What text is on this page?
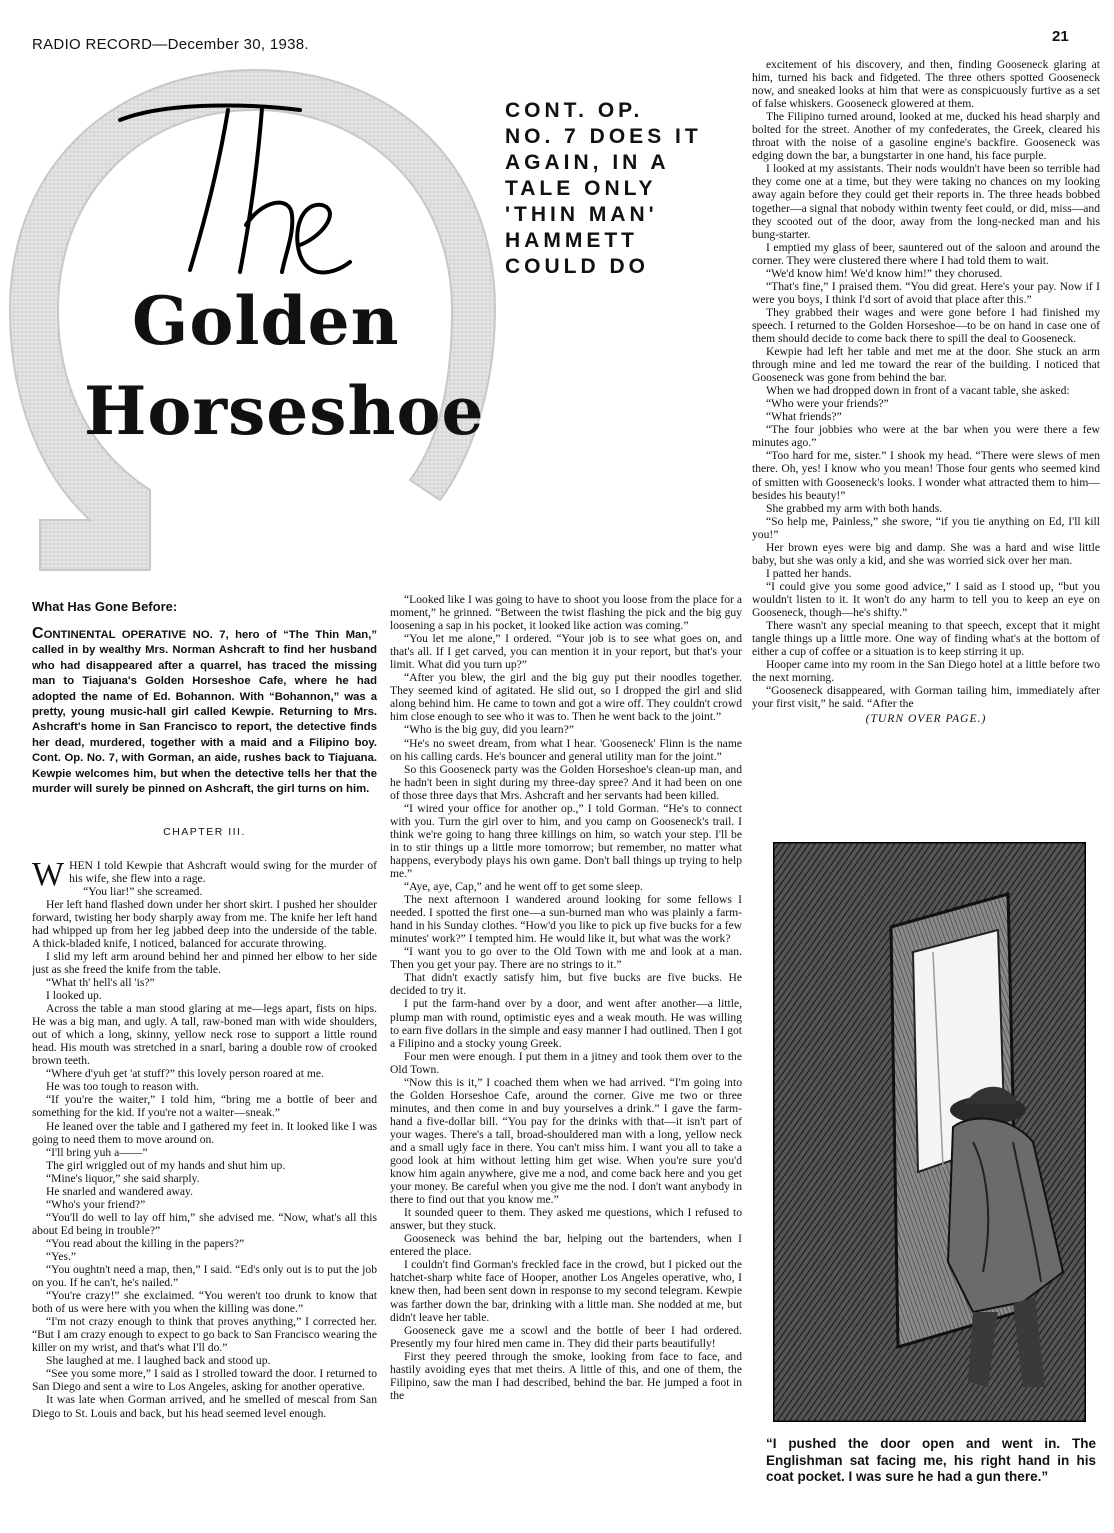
RADIO RECORD—December 30, 1938.	21
Golden
Horseshoe
CONT. OP.
NO. 7 DOES IT
AGAIN, IN A
TALE ONLY
'THIN MAN'
HAMMETT
COULD DO
What Has Gone Before:
CONTINENTAL OPERATIVE NO. 7, hero of “The Thin Man,” called in by wealthy Mrs. Norman Ashcraft to find her husband who had disappeared after a quarrel, has traced the missing man to Tiajuana's Golden Horseshoe Cafe, where he had adopted the name of Ed. Bohannon. With “Bohannon,” was a pretty, young music-hall girl called Kewpie. Returning to Mrs. Ashcraft's home in San Francisco to report, the detective finds her dead, murdered, together with a maid and a Filipino boy. Cont. Op. No. 7, with Gorman, an aide, rushes back to Tiajuana. Kewpie welcomes him, but when the detective tells her that the murder will surely be pinned on Ashcraft, the girl turns on him.
CHAPTER III.

WHEN I told Kewpie that Ashcraft would swing for the murder of his wife, she flew into a rage.

“You liar!” she screamed.

Her left hand flashed down under her short skirt. I pushed her shoulder forward, twisting her body sharply away from me. The knife her left hand had whipped up from her leg jabbed deep into the underside of the table. A thick-bladed knife, I noticed, balanced for accurate throwing.

I slid my left arm around behind her and pinned her elbow to her side just as she freed the knife from the table.

“What th' hell's all 'is?”

I looked up.

Across the table a man stood glaring at me—legs apart, fists on hips. He was a big man, and ugly. A tall, raw-boned man with wide shoulders, out of which a long, skinny, yellow neck rose to support a little round head. His mouth was stretched in a snarl, baring a double row of crooked brown teeth.

“Where d'yuh get 'at stuff?” this lovely person roared at me.

He was too tough to reason with.

“If you're the waiter,” I told him, “bring me a bottle of beer and something for the kid. If you're not a waiter—sneak.”

He leaned over the table and I gathered my feet in. It looked like I was going to need them to move around on.

“I'll bring yuh a——”

The girl wriggled out of my hands and shut him up.

“Mine's liquor,” she said sharply.

He snarled and wandered away.

“Who's your friend?”

“You'll do well to lay off him,” she advised me. “Now, what's all this about Ed being in trouble?”

“You read about the killing in the papers?”

“Yes.”

“You oughtn't need a map, then,” I said. “Ed's only out is to put the job on you. If he can't, he's nailed.”

“You're crazy!” she exclaimed. “You weren't too drunk to know that both of us were here with you when the killing was done.”

“I'm not crazy enough to think that proves anything,” I corrected her. “But I am crazy enough to expect to go back to San Francisco wearing the killer on my wrist, and that's what I'll do.”

She laughed at me. I laughed back and stood up.

“See you some more,” I said as I strolled toward the door. I returned to San Diego and sent a wire to Los Angeles, asking for another operative.

It was late when Gorman arrived, and he smelled of mescal from San Diego to St. Louis and back, but his head seemed level enough.

“Looked like I was going to have to shoot you loose from the place for a moment,” he grinned. “Between the twist flashing the pick and the big guy loosening a sap in his pocket, it looked like action was coming.”

“You let me alone,” I ordered. “Your job is to see what goes on, and that's all. If I get carved, you can mention it in your report, but that's your limit. What did you turn up?”

“After you blew, the girl and the big guy put their noodles together. They seemed kind of agitated. He slid out, so I dropped the girl and slid along behind him. He came to town and got a wire off. They couldn't crowd him close enough to see who it was to. Then he went back to the joint.”

“Who is the big guy, did you learn?”

“He's no sweet dream, from what I hear. 'Gooseneck' Flinn is the name on his calling cards. He's bouncer and general utility man for the joint.”

So this Gooseneck party was the Golden Horseshoe's clean-up man, and he hadn't been in sight during my three-day spree? And it had been on one of those three days that Mrs. Ashcraft and her servants had been killed.

“I wired your office for another op.,” I told Gorman. “He's to connect with you. Turn the girl over to him, and you camp on Gooseneck's trail. I think we're going to hang three killings on him, so watch your step. I'll be in to stir things up a little more tomorrow; but remember, no matter what happens, everybody plays his own game. Don't ball things up trying to help me.”

“Aye, aye, Cap,” and he went off to get some sleep.

The next afternoon I wandered around looking for some fellows I needed. I spotted the first one—a sun-burned man who was plainly a farm-hand in his Sunday clothes. “How'd you like to pick up five bucks for a few minutes' work?” I tempted him. He would like it, but what was the work?

“I want you to go over to the Old Town with me and look at a man. Then you get your pay. There are no strings to it.”

That didn't exactly satisfy him, but five bucks are five bucks. He decided to try it.

I put the farm-hand over by a door, and went after another—a little, plump man with round, optimistic eyes and a weak mouth. He was willing to earn five dollars in the simple and easy manner I had outlined. Then I got a Filipino and a stocky young Greek.

Four men were enough. I put them in a jitney and took them over to the Old Town.

“Now this is it,” I coached them when we had arrived. “I'm going into the Golden Horseshoe Cafe, around the corner. Give me two or three minutes, and then come in and buy yourselves a drink.” I gave the farm-hand a five-dollar bill. “You pay for the drinks with that—it isn't part of your wages. There's a tall, broad-shouldered man with a long, yellow neck and a small ugly face in there. You can't miss him. I want you all to take a good look at him without letting him get wise. When you're sure you'd know him again anywhere, give me a nod, and come back here and you get your money. Be careful when you give me the nod. I don't want anybody in there to find out that you know me.”

It sounded queer to them. They asked me questions, which I refused to answer, but they stuck.

Gooseneck was behind the bar, helping out the bartenders, when I entered the place.

I couldn't find Gorman's freckled face in the crowd, but I picked out the hatchet-sharp white face of Hooper, another Los Angeles operative, who, I knew then, had been sent down in response to my second telegram. Kewpie was farther down the bar, drinking with a little man. She nodded at me, but didn't leave her table.

Gooseneck gave me a scowl and the bottle of beer I had ordered. Presently my four hired men came in. They did their parts beautifully!

First they peered through the smoke, looking from face to face, and hastily avoiding eyes that met theirs. A little of this, and one of them, the Filipino, saw the man I had described, behind the bar. He jumped a foot in the

excitement of his discovery, and then, finding Gooseneck glaring at him, turned his back and fidgeted. The three others spotted Gooseneck now, and sneaked looks at him that were as conspicuously furtive as a set of false whiskers. Gooseneck glowered at them.

The Filipino turned around, looked at me, ducked his head sharply and bolted for the street. Another of my confederates, the Greek, cleared his throat with the noise of a gasoline engine's backfire. Gooseneck was edging down the bar, a bungstarter in one hand, his face purple.

I looked at my assistants. Their nods wouldn't have been so terrible had they come one at a time, but they were taking no chances on my looking away again before they could get their reports in. The three heads bobbed together—a signal that nobody within twenty feet could, or did, miss—and they scooted out of the door, away from the long-necked man and his bung-starter.

I emptied my glass of beer, sauntered out of the saloon and around the corner. They were clustered there where I had told them to wait.

“We'd know him! We'd know him!” they chorused.

“That's fine,” I praised them. “You did great. Here's your pay. Now if I were you boys, I think I'd sort of avoid that place after this.”

They grabbed their wages and were gone before I had finished my speech. I returned to the Golden Horseshoe—to be on hand in case one of them should decide to come back there to spill the deal to Gooseneck.

Kewpie had left her table and met me at the door. She stuck an arm through mine and led me toward the rear of the building. I noticed that Gooseneck was gone from behind the bar.

When we had dropped down in front of a vacant table, she asked:

“Who were your friends?”

“What friends?”

“The four jobbies who were at the bar when you were there a few minutes ago.”

“Too hard for me, sister.” I shook my head. “There were slews of men there. Oh, yes! I know who you mean! Those four gents who seemed kind of smitten with Gooseneck's looks. I wonder what attracted them to him—besides his beauty!”

She grabbed my arm with both hands.

“So help me, Painless,” she swore, “if you tie anything on Ed, I'll kill you!”

Her brown eyes were big and damp. She was a hard and wise little baby, but she was only a kid, and she was worried sick over her man.

I patted her hands.

“I could give you some good advice,” I said as I stood up, “but you wouldn't listen to it. It won't do any harm to tell you to keep an eye on Gooseneck, though—he's shifty.”

There wasn't any special meaning to that speech, except that it might tangle things up a little more. One way of finding what's at the bottom of either a cup of coffee or a situation is to keep stirring it up.

Hooper came into my room in the San Diego hotel at a little before two the next morning.

“Gooseneck disappeared, with Gorman tailing him, immediately after your first visit,” he said. “After the

(TURN OVER PAGE.)

“I pushed the door open and went in. The Englishman sat facing me, his right hand in his coat pocket. I was sure he had a gun there.”
